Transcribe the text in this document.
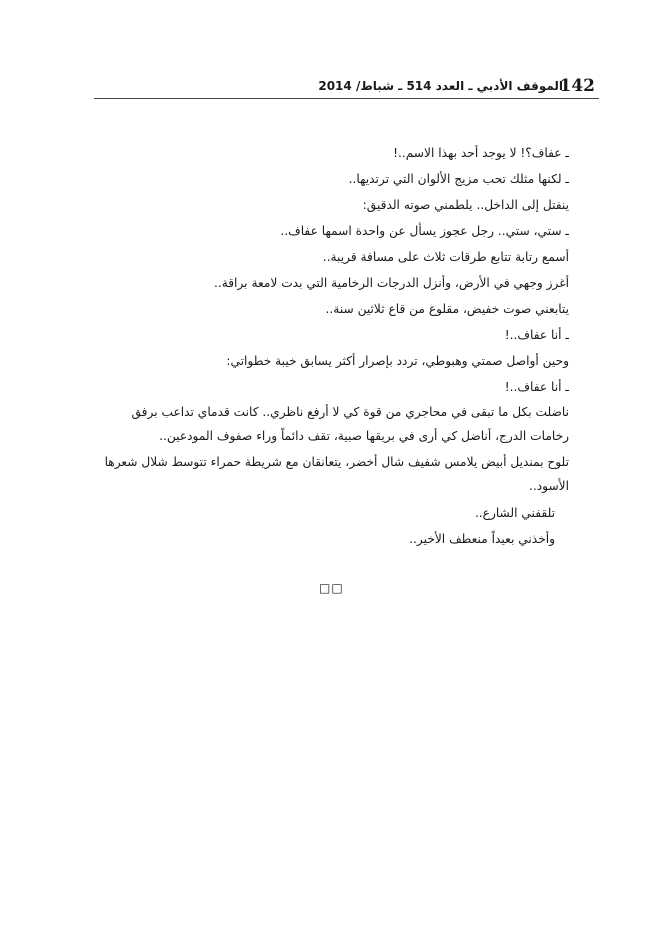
142
الموقف الأدبي ـ العدد 514 ـ شباط/ 2014
ـ عفاف؟! لا يوجد أحد بهذا الاسم..!
ـ لكنها مثلك تحب مزيج الألوان التي ترتديها..
ينفتل إلى الداخل.. يلطمني صوته الدقيق:
ـ ستي، ستي.. رجل عجوز يسأل عن واحدة اسمها عفاف..
أسمع رتابة تتابع طرقات ثلاث على مسافة قريبة..
أغرز وجهي في الأرض، وأنزل الدرجات الرخامية التي بدت لامعة براقة..
يتابعني صوت خفيض، مقلوع من قاع ثلاثين سنة..
ـ أنا عفاف..!
وحين أواصل صمتي وهبوطي، تردد بإصرار أكثر يسابق خيبة خطواتي:
ـ أنا عفاف..!
ناضلت بكل ما تبقى في محاجري من قوة كي لا أرفع ناظري.. كانت قدماي تداعب برفق رخامات الدرج، أناضل كي أرى في بريقها صبية، تقف دائماً وراء صفوف المودعين..
تلوح بمنديل أبيض يلامس شفيف شال أخضر، يتعانقان مع شريطة حمراء تتوسط شلال شعرها الأسود..
تلقفني الشارع..
وأخذني بعيداً منعطف الأخير..
□□
